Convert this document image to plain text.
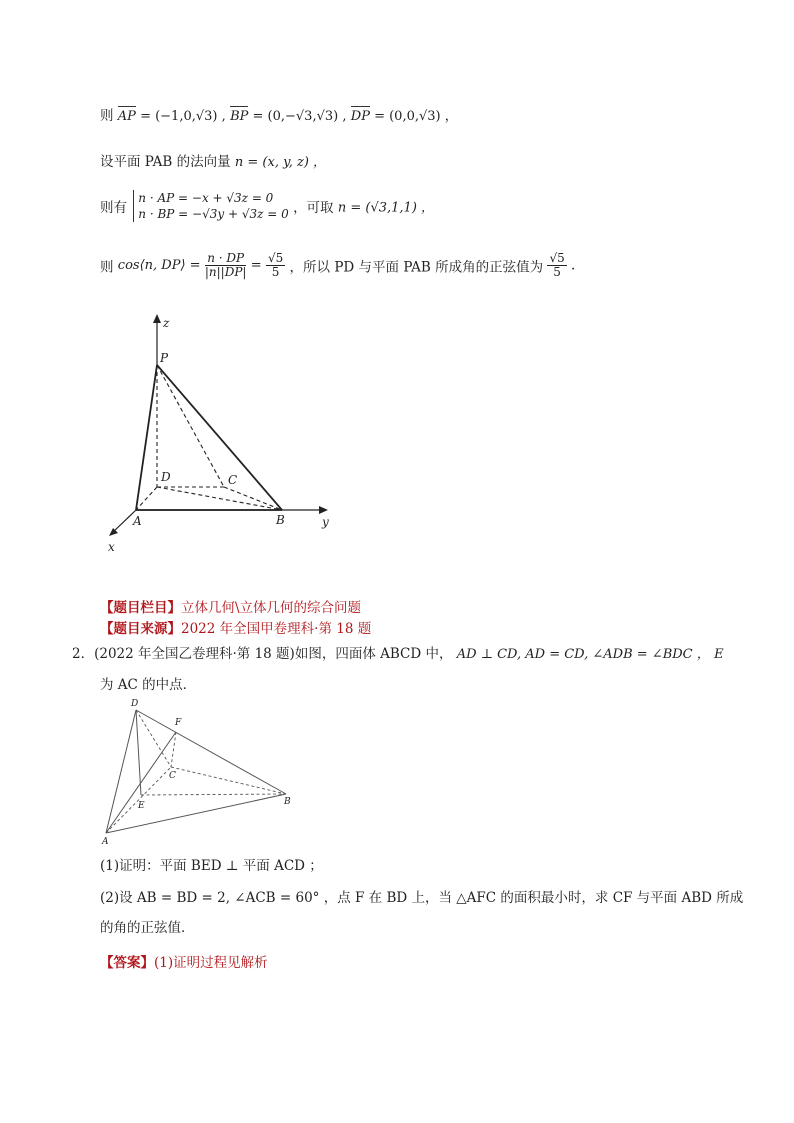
则 AP = (−1,0,√3) , BP = (0,−√3,√3) , DP = (0,0,√3) ，
设平面 PAB 的法向量 n = (x, y, z) ，
则有
n · AP = −x + √3z = 0
n · BP = −√3y + √3z = 0 ，可取 n = (√3,1,1) ，
则 cos⟨n, DP⟩ = $\frac{n \cdot DP}{|n||DP|} = \frac{√5}{5}$ ，所以 PD 与平面 PAB 所成角的正弦值为 $\frac{√5}{5}$ .
z
P
D	C
A	B
x
y
【题目栏目】立体几何\立体几何的综合问题
【题目来源】2022 年全国甲卷理科·第 18 题
2．(2022 年全国乙卷理科·第 18 题)如图，四面体 ABCD 中， AD ⊥ CD, AD = CD, ∠ADB = ∠BDC ， E
为 AC 的中点．
D
F
C
E	B
A
(1)证明：平面 BED ⊥ 平面 ACD ；
(2)设 AB = BD = 2, ∠ACB = 60° ，点 F 在 BD 上，当 △AFC 的面积最小时，求 CF 与平面 ABD 所成
的角的正弦值．
【答案】(1)证明过程见解析
